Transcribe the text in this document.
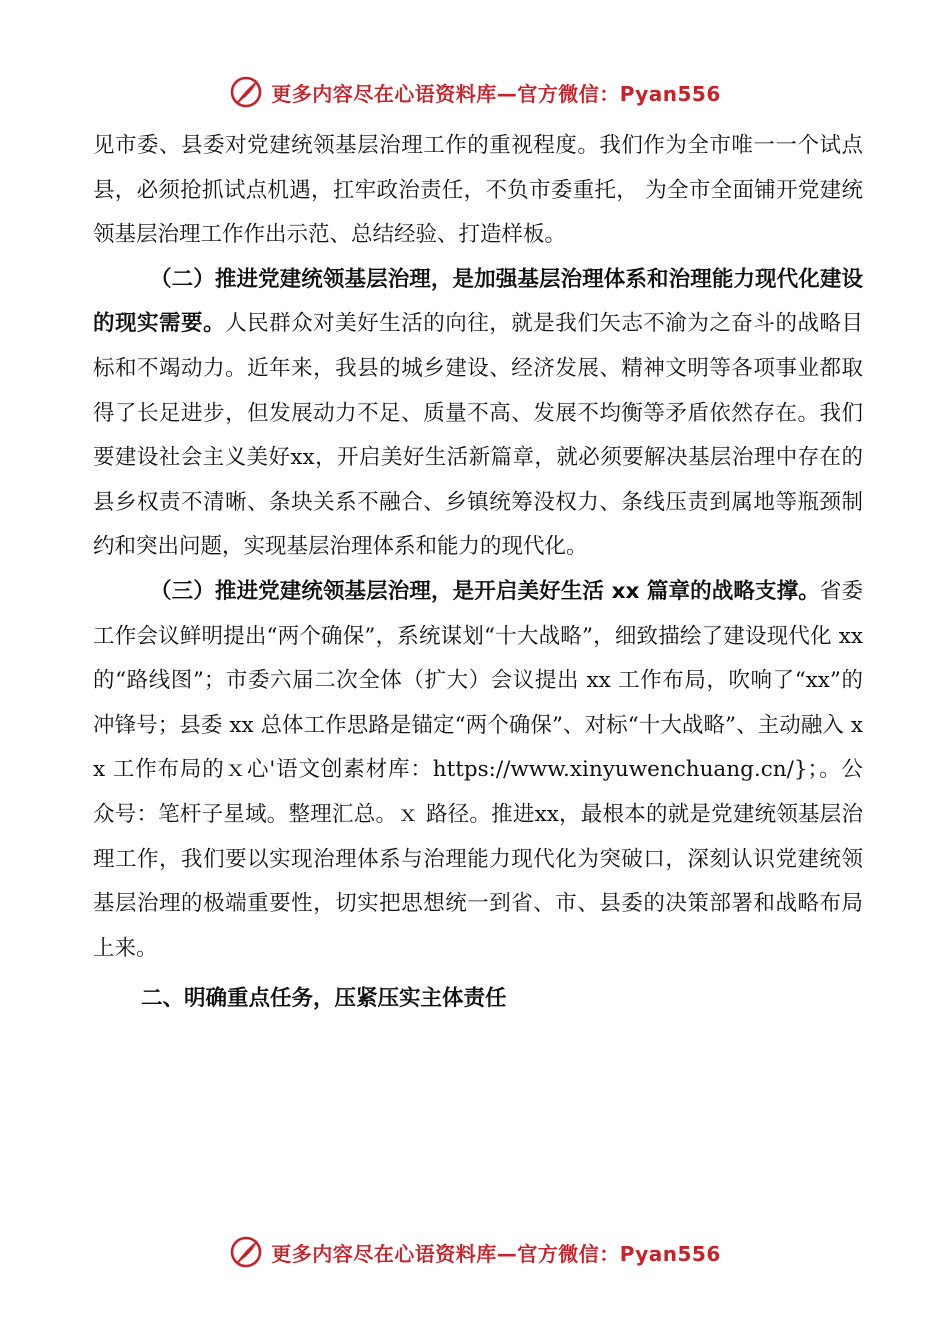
更多内容尽在心语资料库—官方微信：Pyan556

见市委、县委对党建统领基层治理工作的重视程度。我们作为全市唯一一个试点县，必须抢抓试点机遇，扛牢政治责任，不负市委重托， 为全市全面铺开党建统领基层治理工作作出示范、总结经验、打造样板。

（二）推进党建统领基层治理，是加强基层治理体系和治理能力现代化建设的现实需要。人民群众对美好生活的向往，就是我们矢志不渝为之奋斗的战略目标和不竭动力。近年来，我县的城乡建设、经济发展、精神文明等各项事业都取得了长足进步，但发展动力不足、质量不高、发展不均衡等矛盾依然存在。我们要建设社会主义美好xx，开启美好生活新篇章，就必须要解决基层治理中存在的县乡权责不清晰、条块关系不融合、乡镇统筹没权力、条线压责到属地等瓶颈制约和突出问题，实现基层治理体系和能力的现代化。

（三）推进党建统领基层治理，是开启美好生活 xx 篇章的战略支撑。省委工作会议鲜明提出“两个确保”，系统谋划“十大战略”，细致描绘了建设现代化 xx 的“路线图”；市委六届二次全体（扩大）会议提出 xx 工作布局，吹响了“xx”的冲锋号；县委 xx 总体工作思路是锚定“两个确保”、对标“十大战略”、主动融入 xx 工作布局的ｘ心'语文创素材库：https://www.xinyuwenchuang.cn/}；。公众号：笔杆子星域。整理汇总。ｘ 路径。推进xx，最根本的就是党建统领基层治理工作，我们要以实现治理体系与治理能力现代化为突破口，深刻认识党建统领基层治理的极端重要性，切实把思想统一到省、市、县委的决策部署和战略布局上来。

二、明确重点任务，压紧压实主体责任

更多内容尽在心语资料库—官方微信：Pyan556
